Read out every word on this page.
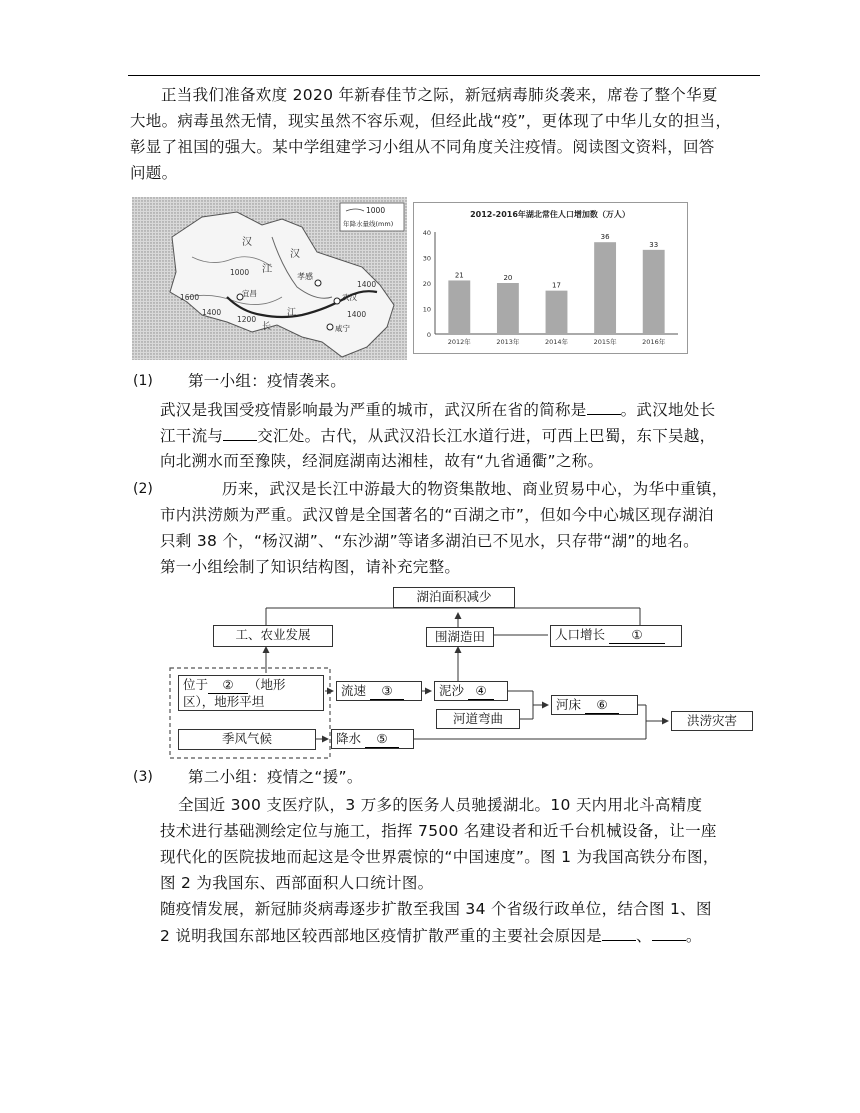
正当我们准备欢度 2020 年新春佳节之际，新冠病毒肺炎袭来，席卷了整个华夏
大地。病毒虽然无情，现实虽然不容乐观，但经此战“疫”，更体现了中华儿女的担当，
彰显了祖国的强大。某中学组建学习小组从不同角度关注疫情。阅读图文资料，回答
问题。
1000
年降水量线(mm)
汉
江
1000
1600
1400
1200
1400
1400
江
长
孝感
宜昌	武汉
咸宁
汉
2012-2016年湖北常住人口增加数（万人）
0
10
20
30
40
21
2012年
20
2013年
17
2014年
36
2015年
33
2016年
(1) 第一小组：疫情袭来。
武汉是我国受疫情影响最为严重的城市，武汉所在省的简称是 。武汉地处长
江干流与 交汇处。古代，从武汉沿长江水道行进，可西上巴蜀，东下吴越，
向北溯水而至豫陕，经洞庭湖南达湘桂，故有“九省通衢”之称。
(2)	历来，武汉是长江中游最大的物资集散地、商业贸易中心，为华中重镇，
市内洪涝颇为严重。武汉曾是全国著名的“百湖之市”，但如今中心城区现存湖泊
只剩 38 个，“杨汉湖”、“东沙湖”等诸多湖泊已不见水，只存带“湖”的地名。
第一小组绘制了知识结构图，请补充完整。
湖泊面积减少
工、农业发展	围湖造田	人口增长 ①
位于 ② （地形
区），地形平坦
流速 ③	泥沙 ④
河道弯曲
河床 ⑥
洪涝灾害
季风气候	降水 ⑤
(3) 第二小组：疫情之“援”。
全国近 300 支医疗队，3 万多的医务人员驰援湖北。10 天内用北斗高精度
技术进行基础测绘定位与施工，指挥 7500 名建设者和近千台机械设备，让一座
现代化的医院拔地而起这是令世界震惊的“中国速度”。图 1 为我国高铁分布图，
图 2 为我国东、西部面积人口统计图。
随疫情发展，新冠肺炎病毒逐步扩散至我国 34 个省级行政单位，结合图 1、图
2 说明我国东部地区较西部地区疫情扩散严重的主要社会原因是 、 。
